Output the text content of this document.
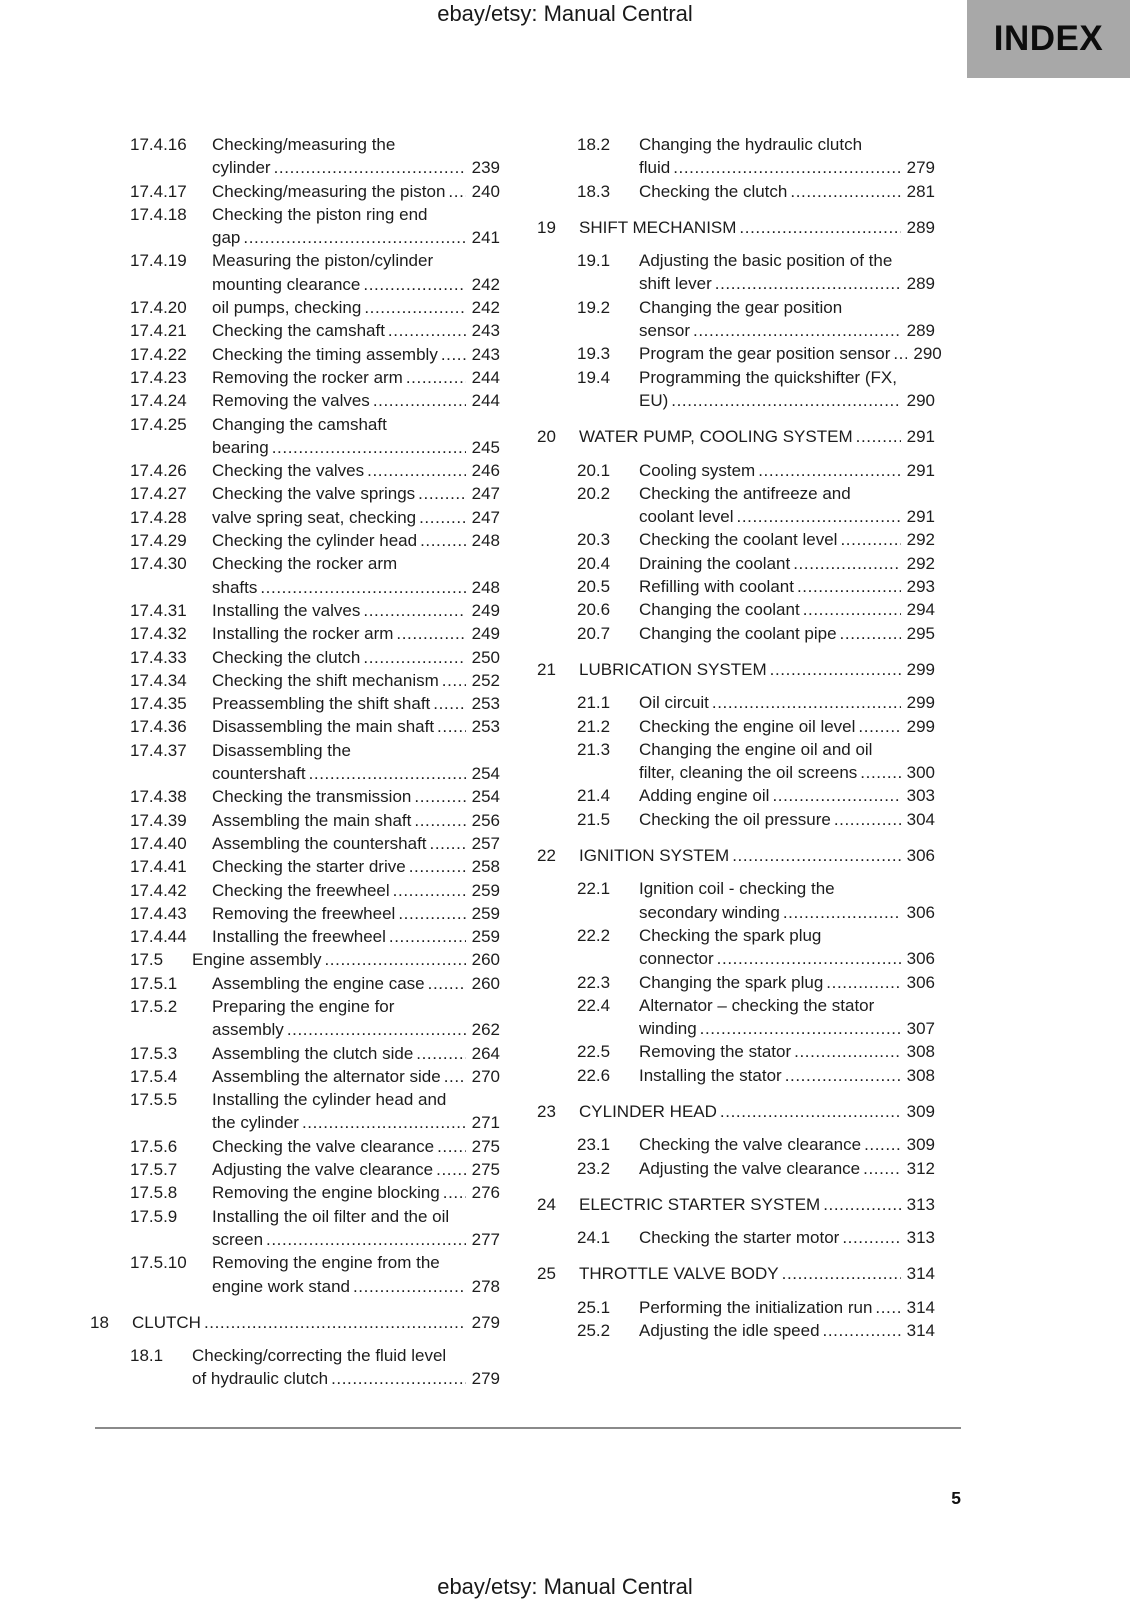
ebay/etsy: Manual Central
INDEX
17.4.16	Checking/measuring the
cylinder .....	239
17.4.17	Checking/measuring the piston ..... 240
17.4.18	Checking the piston ring end
gap .....	241
17.4.19	Measuring the piston/cylinder
mounting clearance .....	242
17.4.20	oil pumps, checking .....	242
17.4.21	Checking the camshaft .....	243
17.4.22	Checking the timing assembly ..... 243
17.4.23	Removing the rocker arm .....	244
17.4.24	Removing the valves .....	244
17.4.25	Changing the camshaft
bearing .....	245
17.4.26	Checking the valves .....	246
17.4.27	Checking the valve springs .....	247
17.4.28	valve spring seat, checking .....	247
17.4.29	Checking the cylinder head .....	248
17.4.30	Checking the rocker arm
shafts .....	248
17.4.31	Installing the valves .....	249
17.4.32	Installing the rocker arm .....	249
17.4.33	Checking the clutch .....	250
17.4.34	Checking the shift mechanism ..... 252
17.4.35	Preassembling the shift shaft ..... 253
17.4.36	Disassembling the main shaft ..... 253
17.4.37	Disassembling the
countershaft .....	254
17.4.38	Checking the transmission .....	254
17.4.39	Assembling the main shaft .....	256
17.4.40	Assembling the countershaft .....	257
17.4.41	Checking the starter drive .....	258
17.4.42	Checking the freewheel .....	259
17.4.43	Removing the freewheel .....	259
17.4.44	Installing the freewheel .....	259
17.5	Engine assembly .....	260
17.5.1	Assembling the engine case .....	260
17.5.2	Preparing the engine for
assembly .....	262
17.5.3	Assembling the clutch side .....	264
17.5.4	Assembling the alternator side ..... 270
17.5.5	Installing the cylinder head and
the cylinder .....	271
17.5.6	Checking the valve clearance ..... 275
17.5.7	Adjusting the valve clearance ..... 275
17.5.8	Removing the engine blocking ..... 276
17.5.9	Installing the oil filter and the oil
screen .....	277
17.5.10	Removing the engine from the
engine work stand .....	278
18	CLUTCH .....	279
18.1	Checking/correcting the fluid level
of hydraulic clutch .....	279
18.2	Changing the hydraulic clutch
fluid .....	279
18.3	Checking the clutch .....	281
19	SHIFT MECHANISM .....	289
19.1	Adjusting the basic position of the
shift lever .....	289
19.2	Changing the gear position
sensor .....	289
19.3	Program the gear position sensor ..... 290
19.4	Programming the quickshifter (FX,
EU) .....	290
20	WATER PUMP, COOLING SYSTEM .....	291
20.1	Cooling system .....	291
20.2	Checking the antifreeze and
coolant level .....	291
20.3	Checking the coolant level .....	292
20.4	Draining the coolant .....	292
20.5	Refilling with coolant .....	293
20.6	Changing the coolant .....	294
20.7	Changing the coolant pipe .....	295
21	LUBRICATION SYSTEM .....	299
21.1	Oil circuit .....	299
21.2	Checking the engine oil level .....	299
21.3	Changing the engine oil and oil
filter, cleaning the oil screens .....	300
21.4	Adding engine oil .....	303
21.5	Checking the oil pressure .....	304
22	IGNITION SYSTEM .....	306
22.1	Ignition coil - checking the
secondary winding .....	306
22.2	Checking the spark plug
connector .....	306
22.3	Changing the spark plug .....	306
22.4	Alternator – checking the stator
winding .....	307
22.5	Removing the stator .....	308
22.6	Installing the stator .....	308
23	CYLINDER HEAD .....	309
23.1	Checking the valve clearance .....	309
23.2	Adjusting the valve clearance .....	312
24	ELECTRIC STARTER SYSTEM .....	313
24.1	Checking the starter motor .....	313
25	THROTTLE VALVE BODY .....	314
25.1	Performing the initialization run ..... 314
25.2	Adjusting the idle speed .....	314
5
ebay/etsy: Manual Central
